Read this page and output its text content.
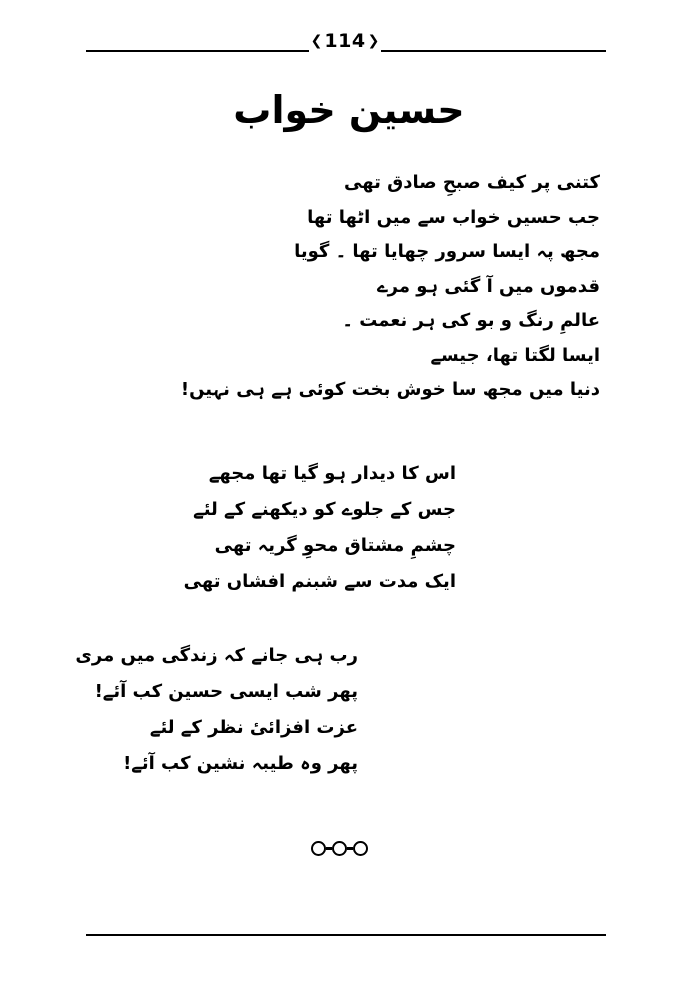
❮ 114 ❯
حسین خواب
کتنی پر کیف صبحِ صادق تھی
جب حسیں خواب سے میں اٹھا تھا
مجھ پہ ایسا سرور چھایا تھا ۔ گویا
قدموں میں آ گئی ہو مرے
عالمِ رنگ و بو کی ہر نعمت ۔
ایسا لگتا تھا، جیسے
دنیا میں مجھ سا خوش بخت کوئی ہے ہی نہیں!
اس کا دیدار ہو گیا تھا مجھے
جس کے جلوے کو دیکھنے کے لئے
چشمِ مشتاق محوِ گریہ تھی
ایک مدت سے شبنم افشاں تھی
رب ہی جانے کہ زندگی میں مری
پھر شب ایسی حسین کب آئے!
عزت افزائیٔ نظر کے لئے
پھر وہ طیبہ نشین کب آئے!
